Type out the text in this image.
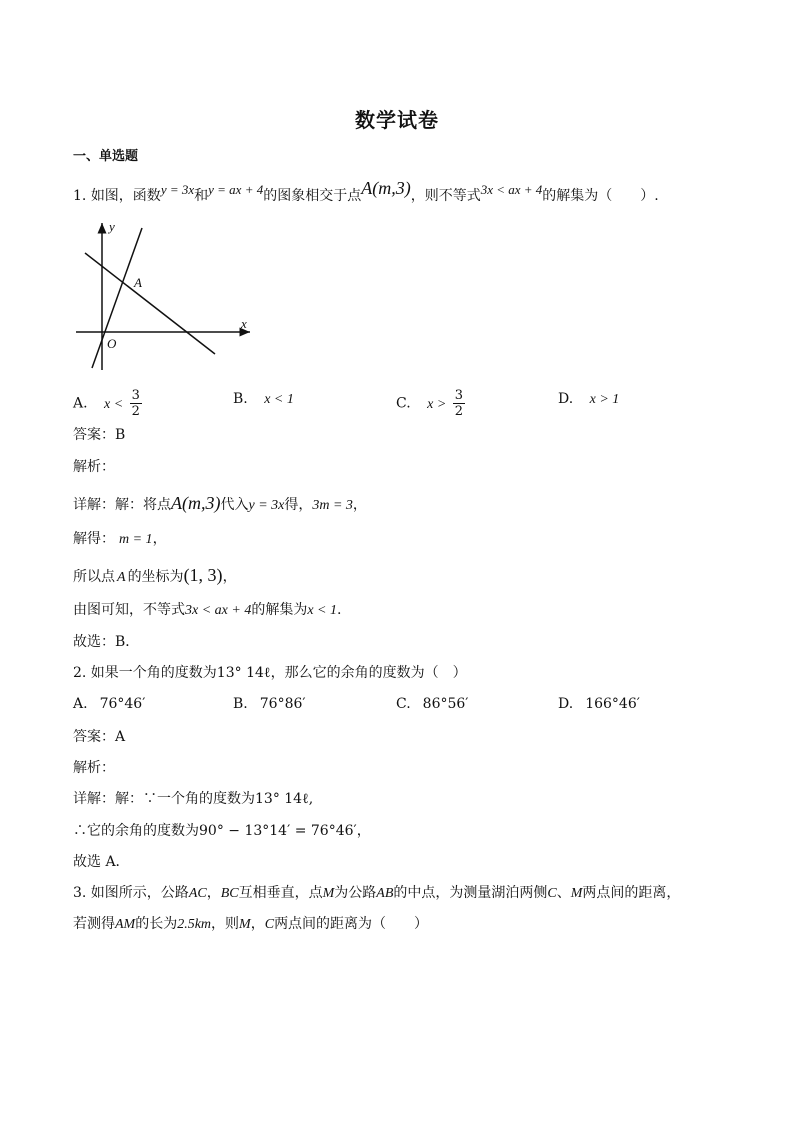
数学试卷
一、单选题
1. 如图，函数y = 3x和y = ax + 4的图象相交于点A(m,3)，则不等式3x < ax + 4的解集为（　　）.
y
x
O
A
A. $x < \frac{3}{2}$	B. x < 1	C. $x > \frac{3}{2}$	D. x > 1
答案：B
解析：
详解：解：将点A(m,3)代入y = 3x得，3m = 3，
解得： m = 1，
所以点 A 的坐标为(1, 3)，
由图可知，不等式3x < ax + 4的解集为x < 1.
故选：B．
2. 如果一个角的度数为13° 14ℓ，那么它的余角的度数为（　）
A. 76°46′	B. 76°86′	C. 86°56′	D. 166°46′
答案：A
解析：
详解：解：∵一个角的度数为13° 14ℓ,
∴它的余角的度数为90° − 13°14′ = 76°46′，
故选 A．
3. 如图所示，公路AC，BC互相垂直，点M为公路AB的中点，为测量湖泊两侧C、M两点间的距离，
若测得AM的长为2.5km，则M，C两点间的距离为（　　）
